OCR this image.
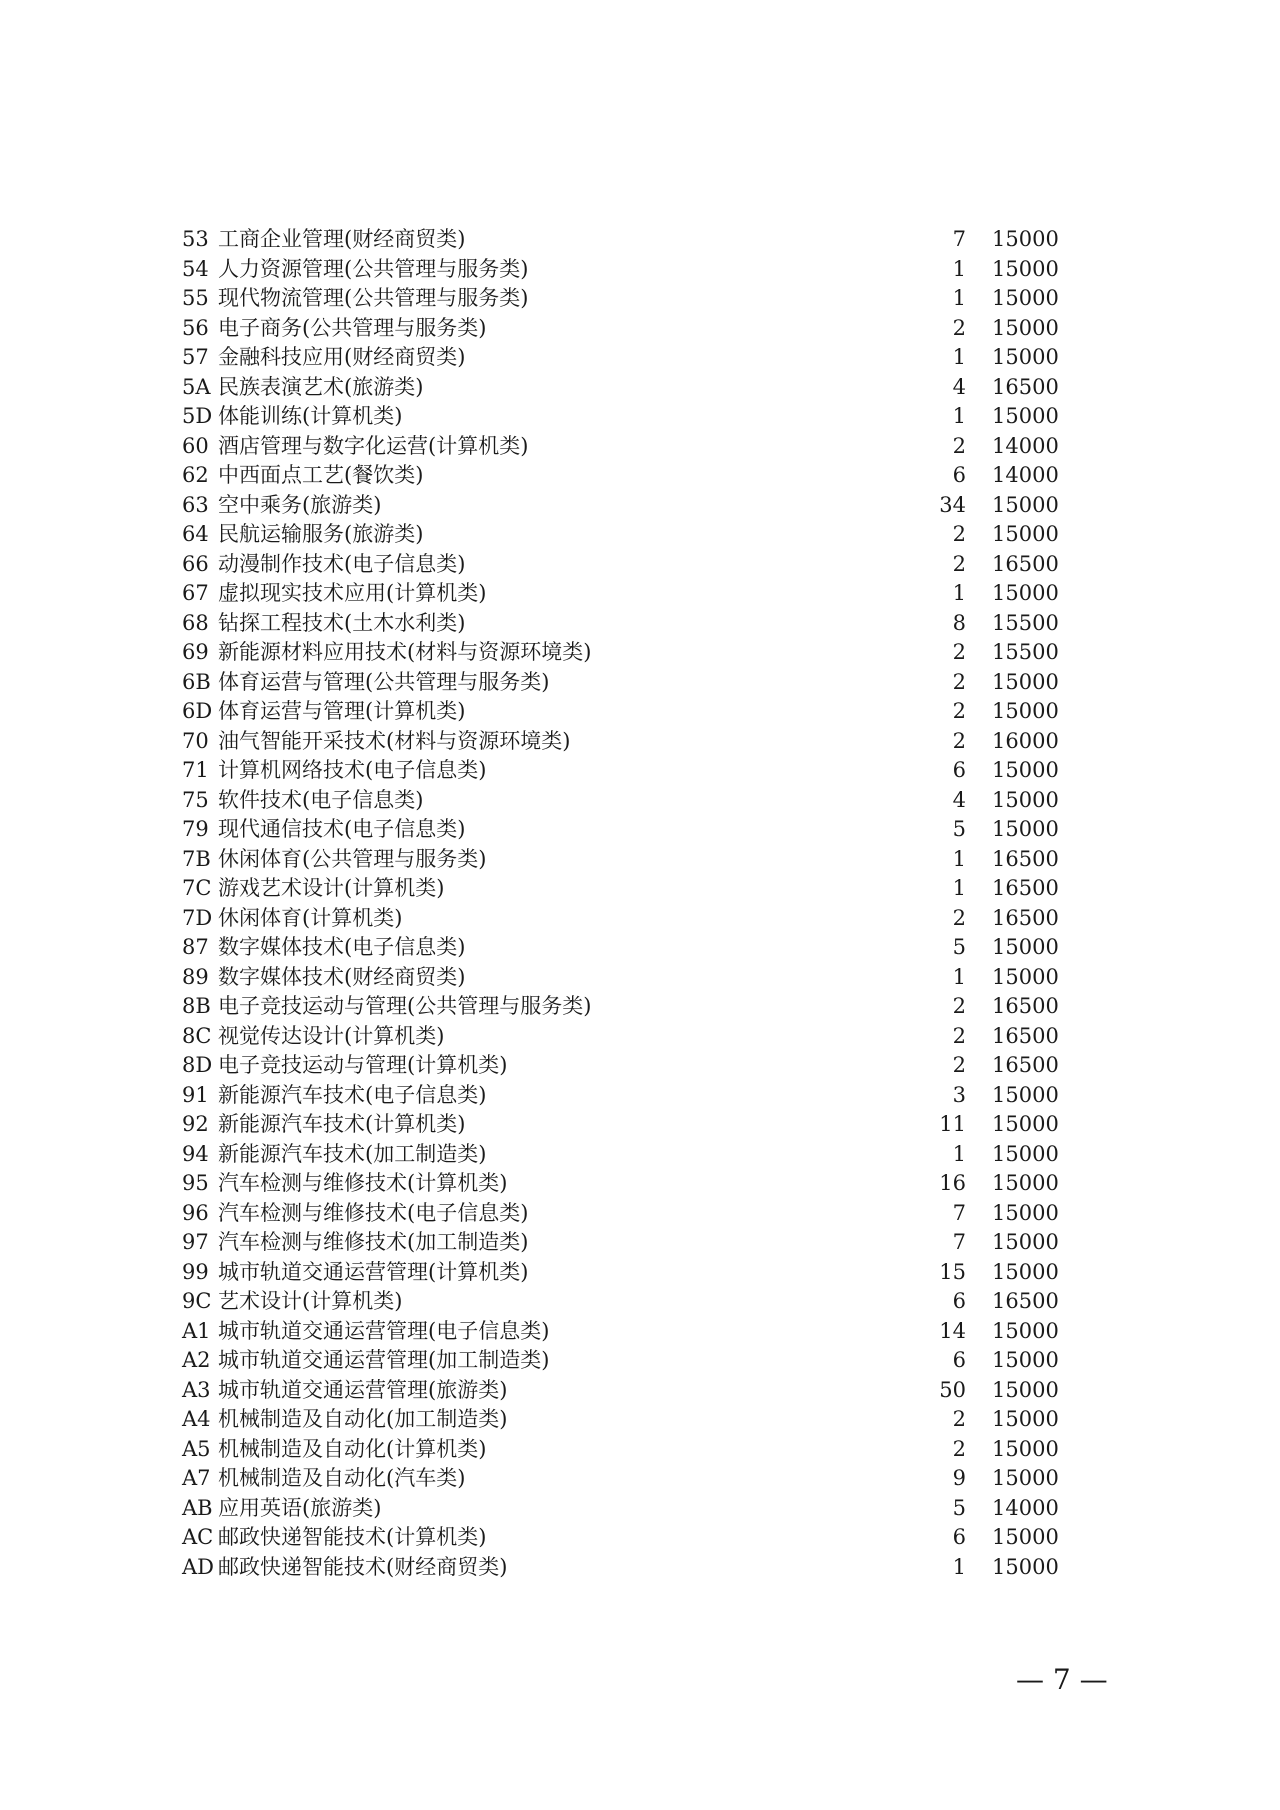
53 工商企业管理(财经商贸类)	7 15000
54 人力资源管理(公共管理与服务类)	1 15000
55 现代物流管理(公共管理与服务类)	1 15000
56 电子商务(公共管理与服务类)	2 15000
57 金融科技应用(财经商贸类)	1 15000
5A 民族表演艺术(旅游类)	4 16500
5D 体能训练(计算机类)	1 15000
60 酒店管理与数字化运营(计算机类)	2 14000
62 中西面点工艺(餐饮类)	6 14000
63 空中乘务(旅游类)	34 15000
64 民航运输服务(旅游类)	2 15000
66 动漫制作技术(电子信息类)	2 16500
67 虚拟现实技术应用(计算机类)	1 15000
68 钻探工程技术(土木水利类)	8 15500
69 新能源材料应用技术(材料与资源环境类)	2 15500
6B 体育运营与管理(公共管理与服务类)	2 15000
6D 体育运营与管理(计算机类)	2 15000
70 油气智能开采技术(材料与资源环境类)	2 16000
71 计算机网络技术(电子信息类)	6 15000
75 软件技术(电子信息类)	4 15000
79 现代通信技术(电子信息类)	5 15000
7B 休闲体育(公共管理与服务类)	1 16500
7C 游戏艺术设计(计算机类)	1 16500
7D 休闲体育(计算机类)	2 16500
87 数字媒体技术(电子信息类)	5 15000
89 数字媒体技术(财经商贸类)	1 15000
8B 电子竞技运动与管理(公共管理与服务类)	2 16500
8C 视觉传达设计(计算机类)	2 16500
8D 电子竞技运动与管理(计算机类)	2 16500
91 新能源汽车技术(电子信息类)	3 15000
92 新能源汽车技术(计算机类)	11 15000
94 新能源汽车技术(加工制造类)	1 15000
95 汽车检测与维修技术(计算机类)	16 15000
96 汽车检测与维修技术(电子信息类)	7 15000
97 汽车检测与维修技术(加工制造类)	7 15000
99 城市轨道交通运营管理(计算机类)	15 15000
9C 艺术设计(计算机类)	6 16500
A1 城市轨道交通运营管理(电子信息类)	14 15000
A2 城市轨道交通运营管理(加工制造类)	6 15000
A3 城市轨道交通运营管理(旅游类)	50 15000
A4 机械制造及自动化(加工制造类)	2 15000
A5 机械制造及自动化(计算机类)	2 15000
A7 机械制造及自动化(汽车类)	9 15000
AB 应用英语(旅游类)	5 14000
AC 邮政快递智能技术(计算机类)	6 15000
AD 邮政快递智能技术(财经商贸类)	1 15000
— 7 —
